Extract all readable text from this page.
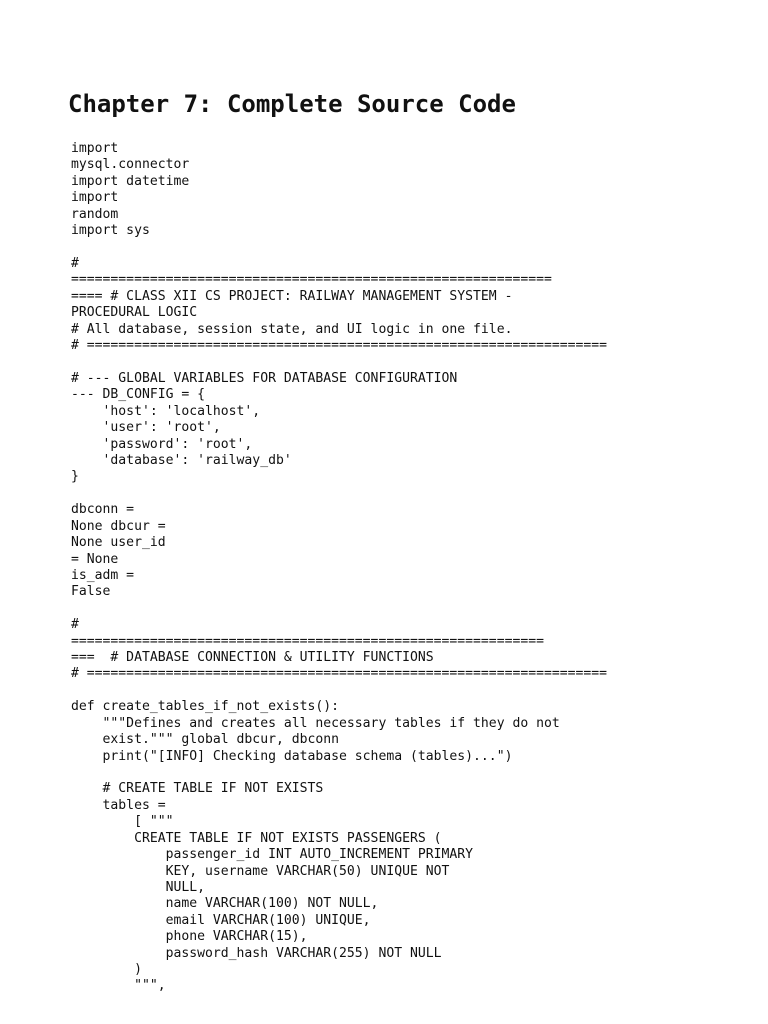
Chapter 7: Complete Source Code
import
mysql.connector
import datetime
import
random
import sys
#
=============================================================
==== # CLASS XII CS PROJECT: RAILWAY MANAGEMENT SYSTEM -
PROCEDURAL LOGIC
# All database, session state, and UI logic in one file.
# ==================================================================
# --- GLOBAL VARIABLES FOR DATABASE CONFIGURATION
--- DB_CONFIG = {
'host': 'localhost',
'user': 'root',
'password': 'root',
'database': 'railway_db'
}
dbconn =
None dbcur =
None user_id
= None
is_adm =
False
#
============================================================
===  # DATABASE CONNECTION & UTILITY FUNCTIONS
# ==================================================================
def create_tables_if_not_exists():
"""Defines and creates all necessary tables if they do not
exist.""" global dbcur, dbconn
print("[INFO] Checking database schema (tables)...")
# CREATE TABLE IF NOT EXISTS
tables =
[ """
CREATE TABLE IF NOT EXISTS PASSENGERS (
passenger_id INT AUTO_INCREMENT PRIMARY
KEY, username VARCHAR(50) UNIQUE NOT
NULL,
name VARCHAR(100) NOT NULL,
email VARCHAR(100) UNIQUE,
phone VARCHAR(15),
password_hash VARCHAR(255) NOT NULL
)
""",
